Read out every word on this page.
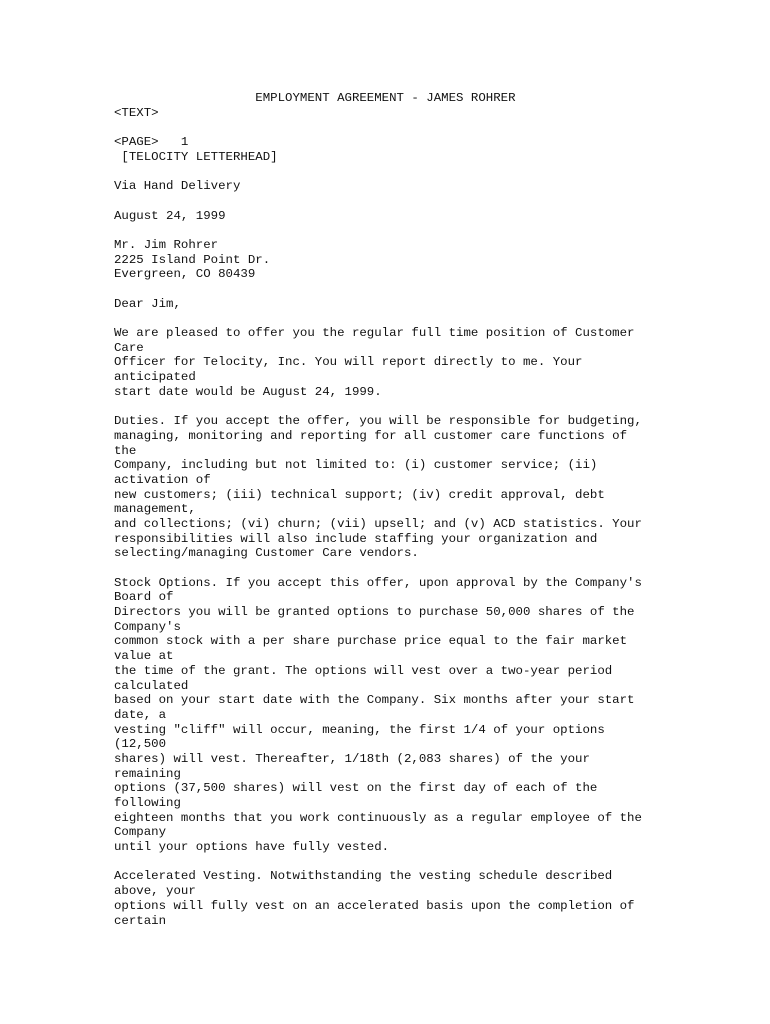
EMPLOYMENT AGREEMENT - JAMES ROHRER
<TEXT>
<PAGE>   1
[TELOCITY LETTERHEAD]
Via Hand Delivery
August 24, 1999
Mr. Jim Rohrer
2225 Island Point Dr.
Evergreen, CO 80439
Dear Jim,
We are pleased to offer you the regular full time position of Customer
Care
Officer for Telocity, Inc. You will report directly to me. Your
anticipated
start date would be August 24, 1999.
Duties. If you accept the offer, you will be responsible for budgeting,
managing, monitoring and reporting for all customer care functions of
the
Company, including but not limited to: (i) customer service; (ii)
activation of
new customers; (iii) technical support; (iv) credit approval, debt
management,
and collections; (vi) churn; (vii) upsell; and (v) ACD statistics. Your
responsibilities will also include staffing your organization and
selecting/managing Customer Care vendors.
Stock Options. If you accept this offer, upon approval by the Company's
Board of
Directors you will be granted options to purchase 50,000 shares of the
Company's
common stock with a per share purchase price equal to the fair market
value at
the time of the grant. The options will vest over a two-year period
calculated
based on your start date with the Company. Six months after your start
date, a
vesting "cliff" will occur, meaning, the first 1/4 of your options
(12,500
shares) will vest. Thereafter, 1/18th (2,083 shares) of the your
remaining
options (37,500 shares) will vest on the first day of each of the
following
eighteen months that you work continuously as a regular employee of the
Company
until your options have fully vested.
Accelerated Vesting. Notwithstanding the vesting schedule described
above, your
options will fully vest on an accelerated basis upon the completion of
certain
